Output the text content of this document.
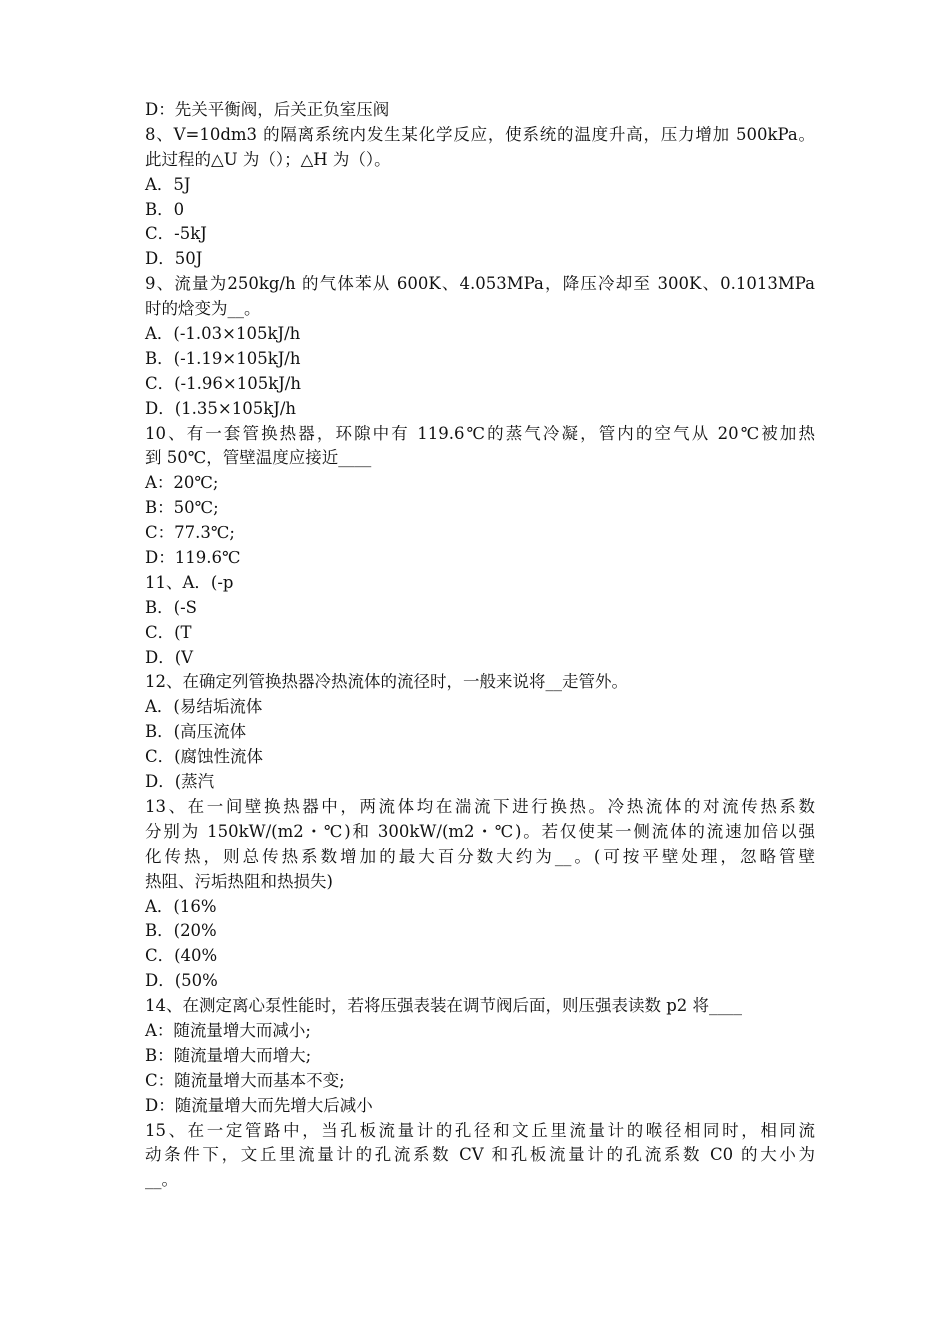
D：先关平衡阀，后关正负室压阀
8、V=10dm3 的隔离系统内发生某化学反应，使系统的温度升高，压力增加 500kPa。
此过程的△U 为（）；△H 为（）。
A．5J
B．0
C．-5kJ
D．50J
9、流量为250kg/h 的气体苯从 600K、4.053MPa，降压冷却至 300K、0.1013MPa
时的焓变为__。
A．(-1.03×105kJ/h
B．(-1.19×105kJ/h
C．(-1.96×105kJ/h
D．(1.35×105kJ/h
10、有一套管换热器，环隙中有 119.6℃的蒸气冷凝，管内的空气从 20℃被加热
到 50℃，管壁温度应接近____
A：20℃;
B：50℃;
C：77.3℃;
D：119.6℃
11、A．(-p
B．(-S
C．(T
D．(V
12、在确定列管换热器冷热流体的流径时，一般来说将__走管外。
A．(易结垢流体
B．(高压流体
C．(腐蚀性流体
D．(蒸汽
13、在一间壁换热器中，两流体均在湍流下进行换热。冷热流体的对流传热系数
分别为 150kW/(m2・℃)和 300kW/(m2・℃)。若仅使某一侧流体的流速加倍以强
化传热，则总传热系数增加的最大百分数大约为__。(可按平壁处理，忽略管壁
热阻、污垢热阻和热损失)
A．(16%
B．(20%
C．(40%
D．(50%
14、在测定离心泵性能时，若将压强表装在调节阀后面，则压强表读数 p2 将____
A：随流量增大而减小;
B：随流量增大而增大;
C：随流量增大而基本不变;
D：随流量增大而先增大后减小
15、在一定管路中，当孔板流量计的孔径和文丘里流量计的喉径相同时，相同流
动条件下，文丘里流量计的孔流系数 CV 和孔板流量计的孔流系数 C0 的大小为
__。
